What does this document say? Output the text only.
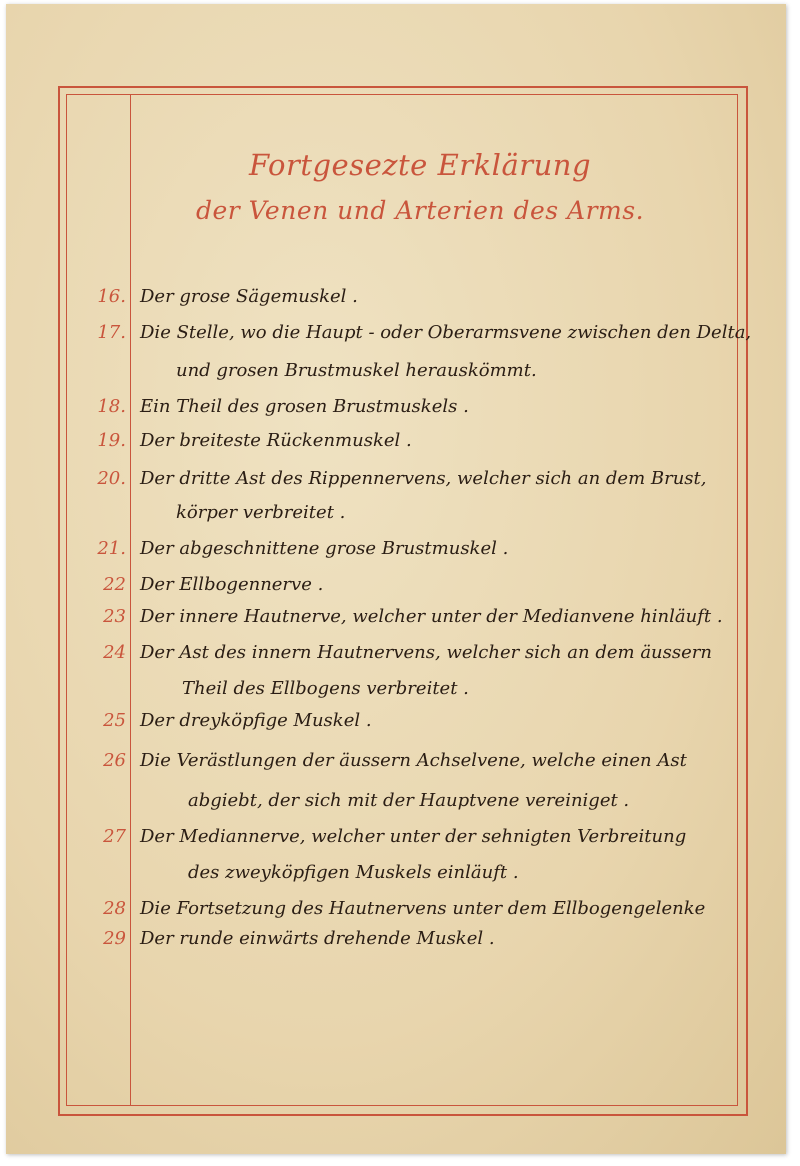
Fortgesezte Erklärung
der Venen und Arterien des Arms.
16. Der grose Sägemuskel .
17. Die Stelle, wo die Haupt - oder Oberarmsvene zwischen den Delta,
und grosen Brustmuskel herauskömmt.
18. Ein Theil des grosen Brustmuskels .
19. Der breiteste Rückenmuskel .
20. Der dritte Ast des Rippennervens, welcher sich an dem Brust,
körper verbreitet .
21. Der abgeschnittene grose Brustmuskel .
22 Der Ellbogennerve .
23 Der innere Hautnerve, welcher unter der Medianvene hinläuft .
24 Der Ast des innern Hautnervens, welcher sich an dem äussern
Theil des Ellbogens verbreitet .
25 Der dreyköpfige Muskel .
26 Die Verästlungen der äussern Achselvene, welche einen Ast
abgiebt, der sich mit der Hauptvene vereiniget .
27 Der Mediannerve, welcher unter der sehnigten Verbreitung
des zweyköpfigen Muskels einläuft .
28 Die Fortsetzung des Hautnervens unter dem Ellbogengelenke
29 Der runde einwärts drehende Muskel .
